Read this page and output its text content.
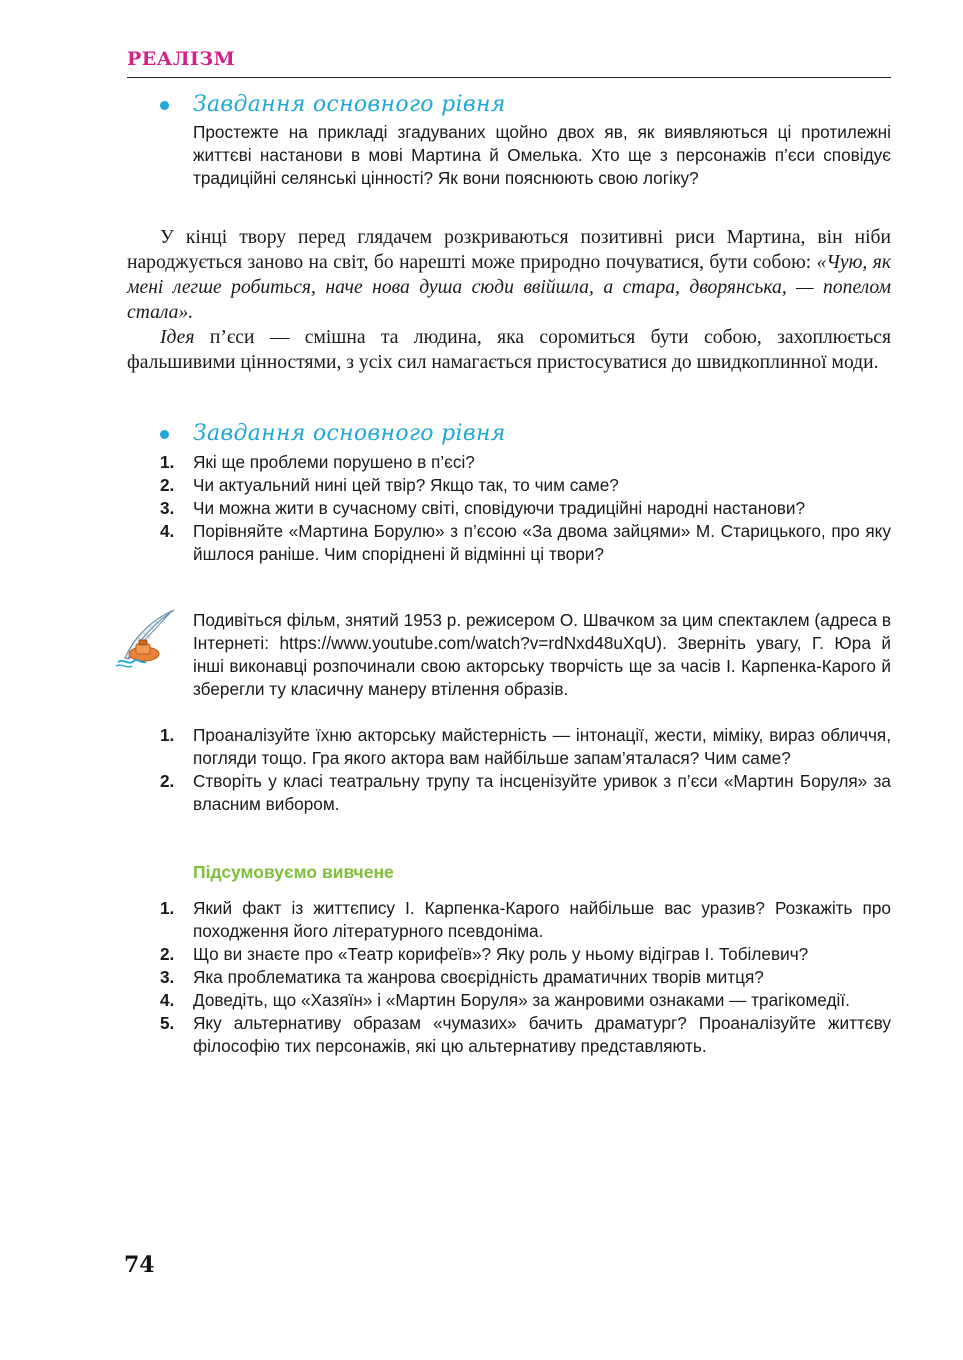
РЕАЛІЗМ
Завдання основного рівня
Простежте на прикладі згадуваних щойно двох яв, як виявляються ці протилежні життєві настанови в мові Мартина й Омелька. Хто ще з персонажів п’єси сповідує традиційні селянські цінності? Як вони пояснюють свою логіку?
У кінці твору перед глядачем розкриваються позитивні риси Мартина, він ніби народжується заново на світ, бо нарешті може природно почуватися, бути собою: «Чую, як мені легше робиться, наче нова душа сюди ввійшла, а стара, дворянська, — попелом стала».
Ідея п’єси — смішна та людина, яка соромиться бути собою, захоплюється фальшивими цінностями, з усіх сил намагається пристосуватися до швидкоплинної моди.
Завдання основного рівня
1. Які ще проблеми порушено в п’єсі?
2. Чи актуальний нині цей твір? Якщо так, то чим саме?
3. Чи можна жити в сучасному світі, сповідуючи традиційні народні настанови?
4. Порівняйте «Мартина Борулю» з п’єсою «За двома зайцями» М. Старицького, про яку йшлося раніше. Чим споріднені й відмінні ці твори?
Подивіться фільм, знятий 1953 р. режисером О. Швачком за цим спектаклем (адреса в Інтернеті: https://www.youtube.com/watch?v=rdNxd48uXqU). Зверніть увагу, Г. Юра й інші виконавці розпочинали свою акторську творчість ще за часів І. Карпенка-Карого й зберегли ту класичну манеру втілення образів.
1. Проаналізуйте їхню акторську майстерність — інтонації, жести, міміку, вираз обличчя, погляди тощо. Гра якого актора вам найбільше запам’яталася? Чим саме?
2. Створіть у класі театральну трупу та інсценізуйте уривок з п’єси «Мартин Боруля» за власним вибором.
Підсумовуємо вивчене
1. Який факт із життєпису І. Карпенка-Карого найбільше вас уразив? Розкажіть про походження його літературного псевдоніма.
2. Що ви знаєте про «Театр корифеїв»? Яку роль у ньому відіграв І. Тобілевич?
3. Яка проблематика та жанрова своєрідність драматичних творів митця?
4. Доведіть, що «Хазяїн» і «Мартин Боруля» за жанровими ознаками — трагікомедії.
5. Яку альтернативу образам «чумазих» бачить драматург? Проаналізуйте життєву філософію тих персонажів, які цю альтернативу представляють.
74
